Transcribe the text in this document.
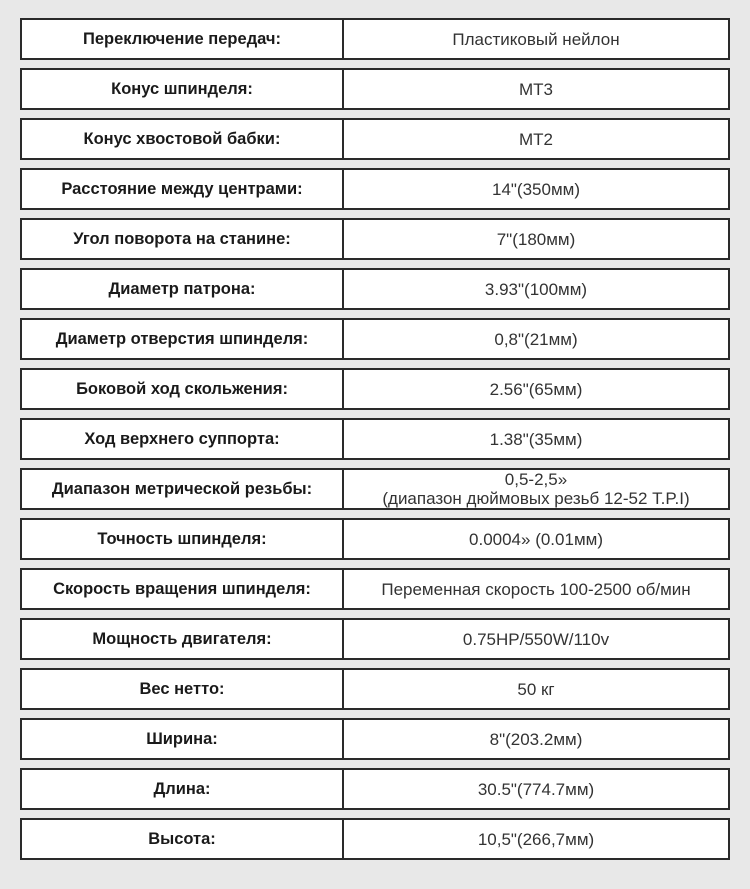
Переключение передач:	Пластиковый нейлон
Конус шпинделя:	MT3
Конус хвостовой бабки:	MT2
Расстояние между центрами:	14"(350мм)
Угол поворота на станине:	7"(180мм)
Диаметр патрона:	3.93"(100мм)
Диаметр отверстия шпинделя:	0,8"(21мм)
Боковой ход скольжения:	2.56"(65мм)
Ход верхнего суппорта:	1.38"(35мм)
Диапазон метрической резьбы:	0,5-2,5»
(диапазон дюймовых резьб 12-52 T.P.I)
Точность шпинделя:	0.0004» (0.01мм)
Скорость вращения шпинделя:	Переменная скорость 100-2500 об/мин
Мощность двигателя:	0.75HP/550W/110v
Вес нетто:	50 кг
Ширина:	8"(203.2мм)
Длина:	30.5"(774.7мм)
Высота:	10,5"(266,7мм)
